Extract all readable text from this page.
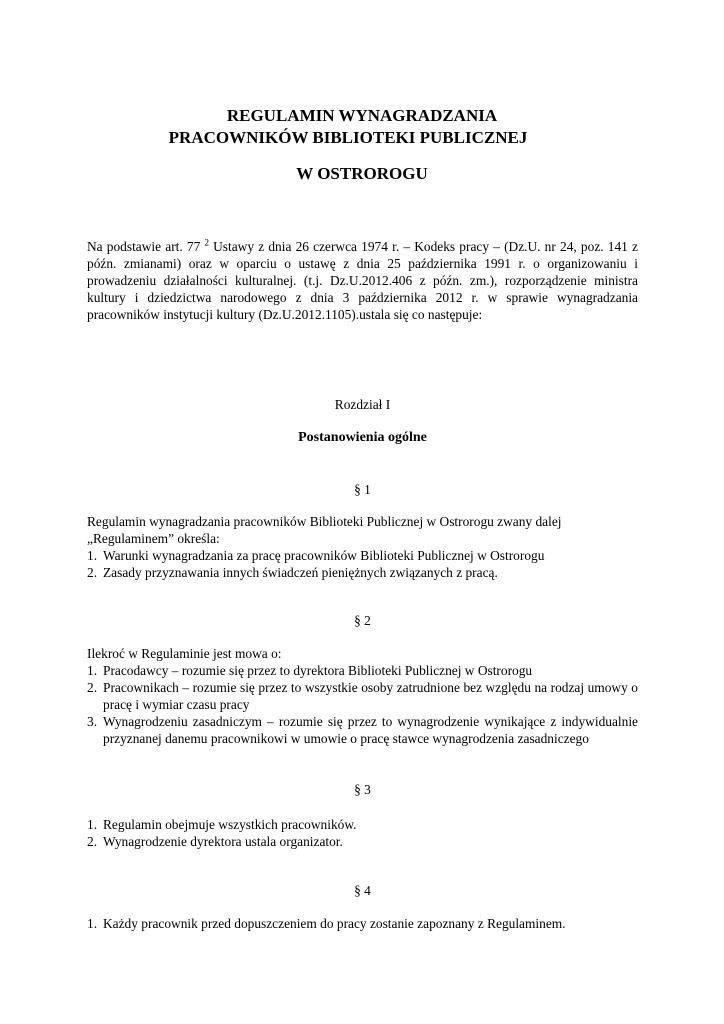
REGULAMIN WYNAGRADZANIA
PRACOWNIKÓW BIBLIOTEKI PUBLICZNEJ
W OSTROROGU
Na podstawie art. 77 $^2$ Ustawy z dnia 26 czerwca 1974 r. – Kodeks pracy – (Dz.U. nr 24, poz. 141 z późn. zmianami) oraz w oparciu o ustawę z dnia 25 października 1991 r. o organizowaniu i prowadzeniu działalności kulturalnej. (t.j. Dz.U.2012.406 z późn. zm.), rozporządzenie ministra kultury i dziedzictwa narodowego z dnia 3 października 2012 r. w sprawie wynagradzania pracowników instytucji kultury (Dz.U.2012.1105).ustala się co następuje:
Rozdział I
Postanowienia ogólne
§ 1

Regulamin wynagradzania pracowników Biblioteki Publicznej w Ostrorogu zwany dalej

„Regulaminem” określa:

1. Warunki wynagradzania za pracę pracowników Biblioteki Publicznej w Ostrorogu
2. Zasady przyznawania innych świadczeń pieniężnych związanych z pracą.
§ 2

Ilekroć w Regulaminie jest mowa o:

1. Pracodawcy – rozumie się przez to dyrektora Biblioteki Publicznej w Ostrorogu
2. Pracownikach – rozumie się przez to wszystkie osoby zatrudnione bez względu na rodzaj umowy o pracę i wymiar czasu pracy
3. Wynagrodzeniu zasadniczym – rozumie się przez to wynagrodzenie wynikające z indywidualnie przyznanej danemu pracownikowi w umowie o pracę stawce wynagrodzenia zasadniczego
§ 3
1. Regulamin obejmuje wszystkich pracowników.
2. Wynagrodzenie dyrektora ustala organizator.
§ 4
1. Każdy pracownik przed dopuszczeniem do pracy zostanie zapoznany z Regulaminem.
